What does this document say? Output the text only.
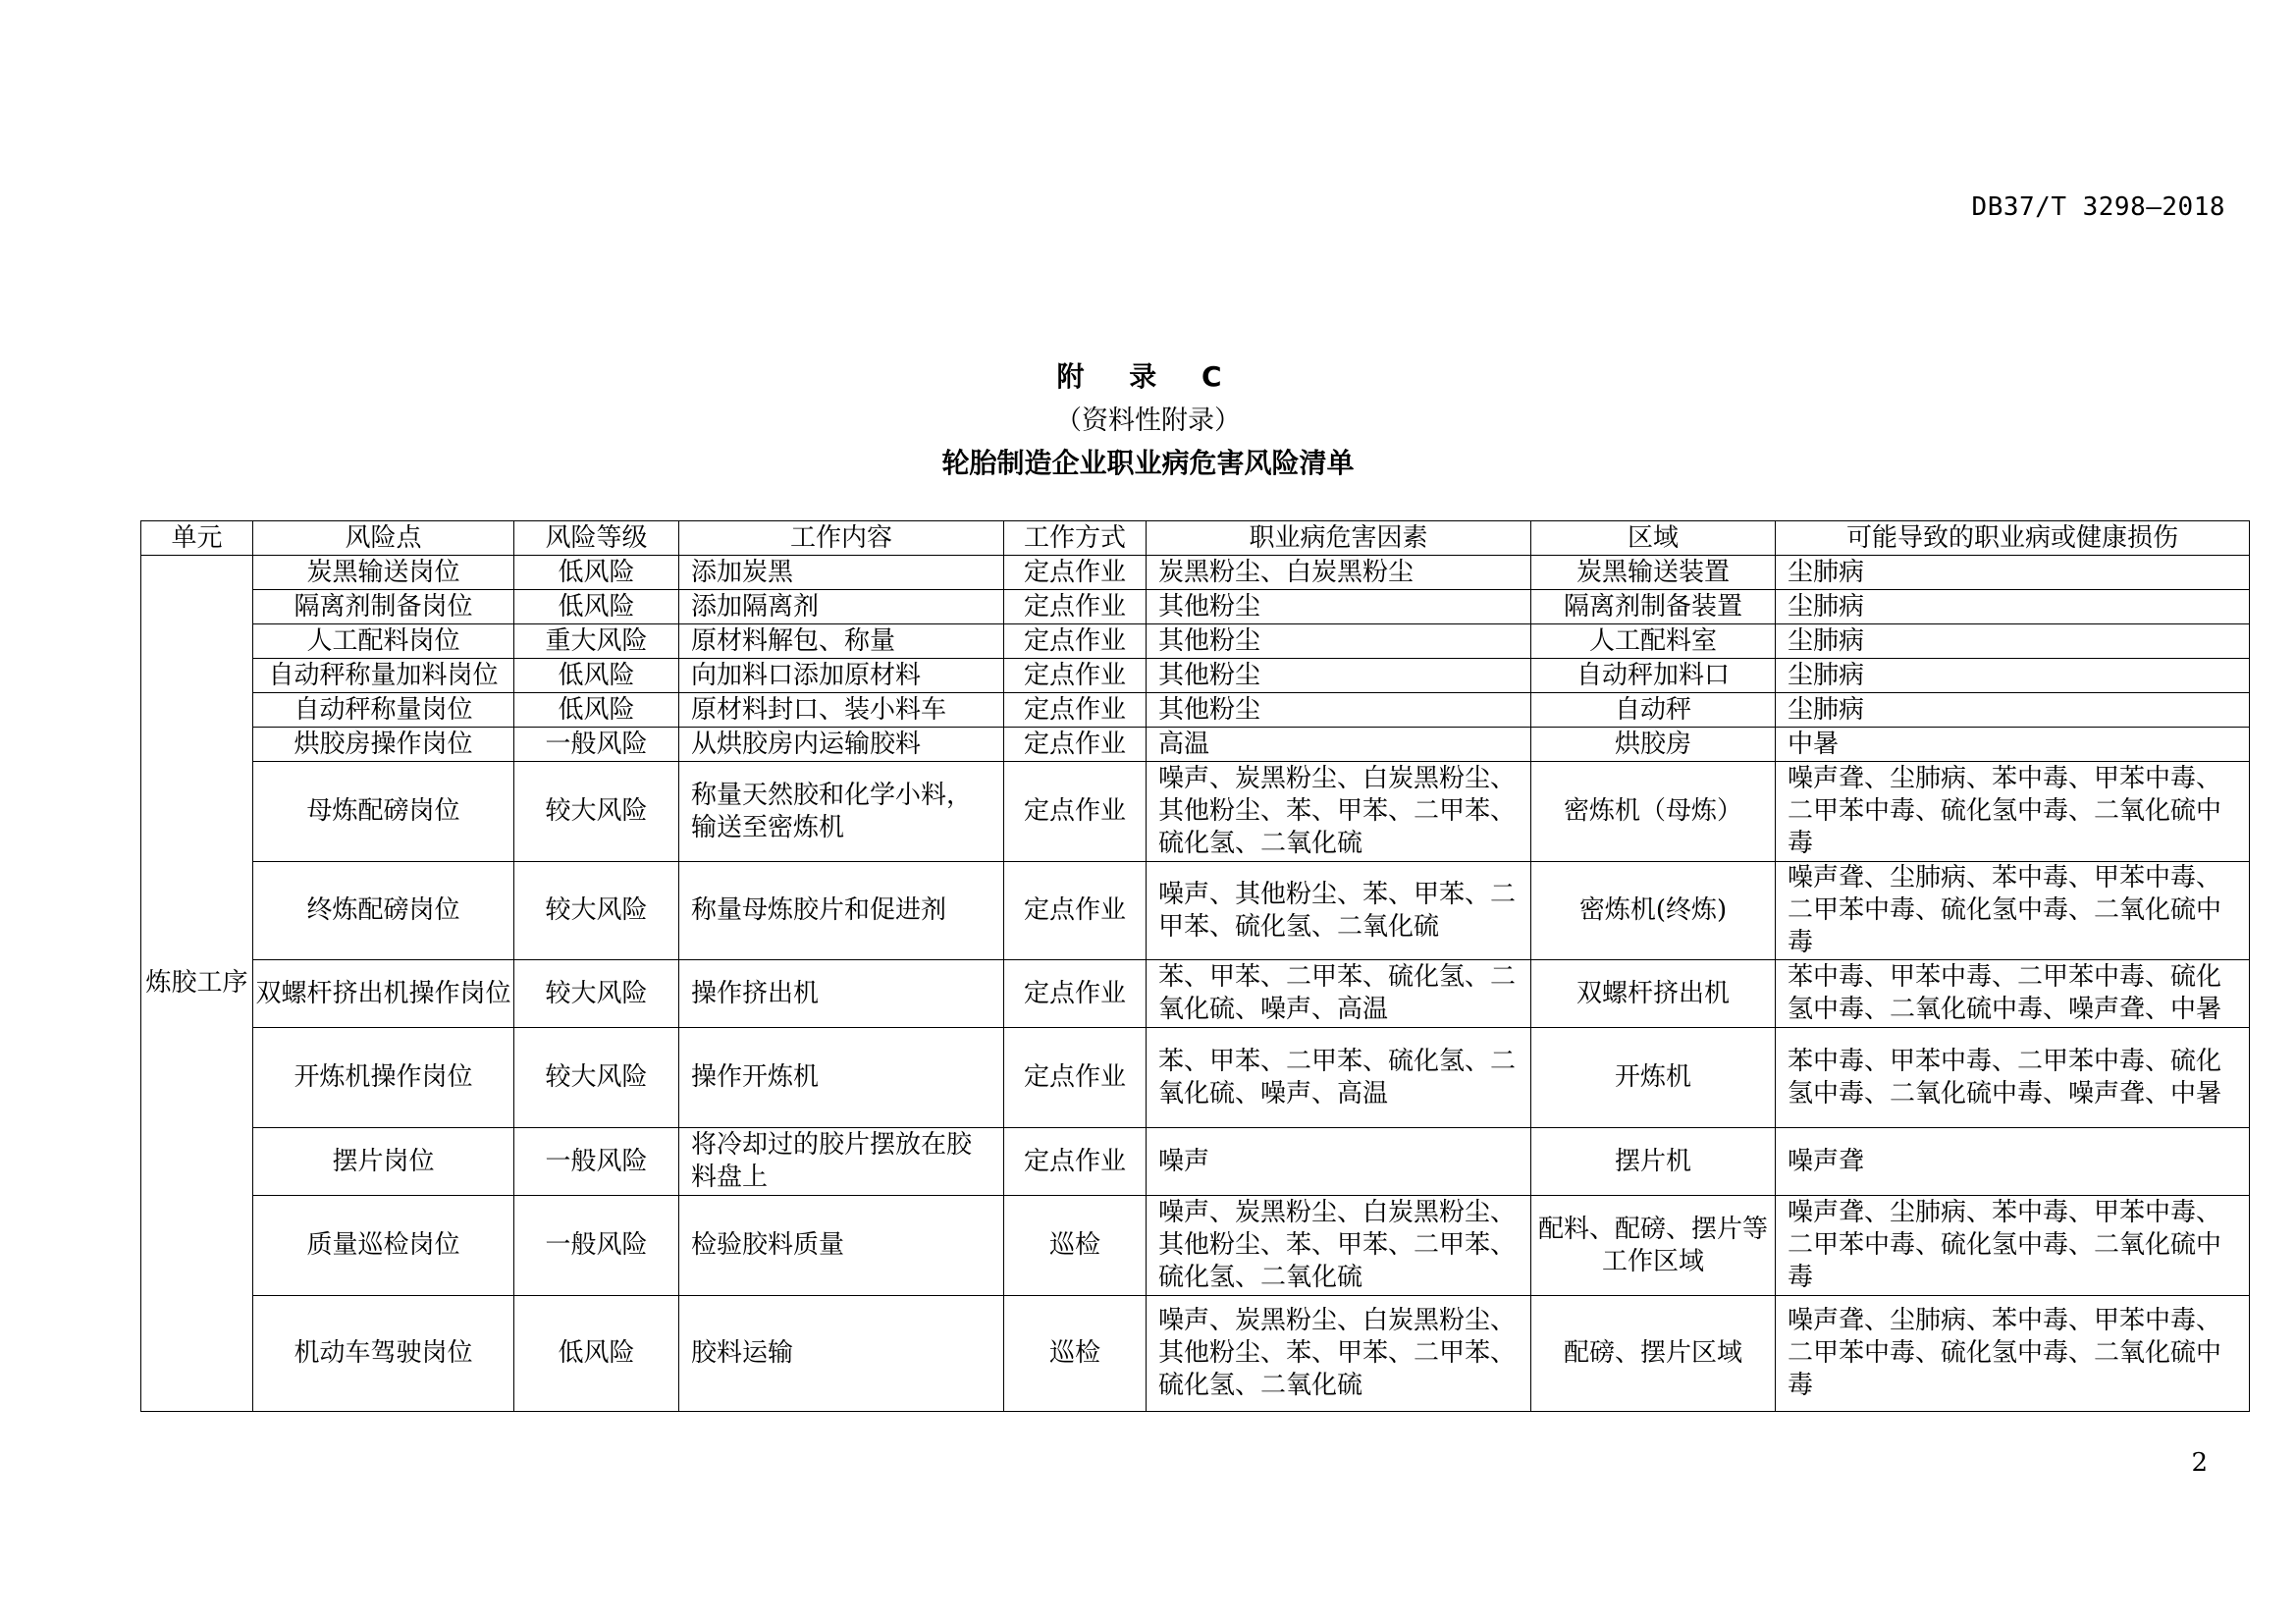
DB37/T 3298—2018
附 录 C
（资料性附录）
轮胎制造企业职业病危害风险清单
单元	风险点	风险等级	工作内容	工作方式	职业病危害因素	区域	可能导致的职业病或健康损伤
炼胶工序	炭黑输送岗位	低风险	添加炭黑	定点作业	炭黑粉尘、白炭黑粉尘	炭黑输送装置	尘肺病
	隔离剂制备岗位	低风险	添加隔离剂	定点作业	其他粉尘	隔离剂制备装置	尘肺病
	人工配料岗位	重大风险	原材料解包、称量	定点作业	其他粉尘	人工配料室	尘肺病
	自动秤称量加料岗位	低风险	向加料口添加原材料	定点作业	其他粉尘	自动秤加料口	尘肺病
	自动秤称量岗位	低风险	原材料封口、装小料车	定点作业	其他粉尘	自动秤	尘肺病
	烘胶房操作岗位	一般风险	从烘胶房内运输胶料	定点作业	高温	烘胶房	中暑
	母炼配磅岗位	较大风险	称量天然胶和化学小料，输送至密炼机	定点作业	噪声、炭黑粉尘、白炭黑粉尘、其他粉尘、苯、甲苯、二甲苯、硫化氢、二氧化硫	密炼机（母炼）	噪声聋、尘肺病、苯中毒、甲苯中毒、二甲苯中毒、硫化氢中毒、二氧化硫中毒
	终炼配磅岗位	较大风险	称量母炼胶片和促进剂	定点作业	噪声、其他粉尘、苯、甲苯、二甲苯、硫化氢、二氧化硫	密炼机(终炼)	噪声聋、尘肺病、苯中毒、甲苯中毒、二甲苯中毒、硫化氢中毒、二氧化硫中毒
	双螺杆挤出机操作岗位	较大风险	操作挤出机	定点作业	苯、甲苯、二甲苯、硫化氢、二氧化硫、噪声、高温	双螺杆挤出机	苯中毒、甲苯中毒、二甲苯中毒、硫化氢中毒、二氧化硫中毒、噪声聋、中暑
	开炼机操作岗位	较大风险	操作开炼机	定点作业	苯、甲苯、二甲苯、硫化氢、二氧化硫、噪声、高温	开炼机	苯中毒、甲苯中毒、二甲苯中毒、硫化氢中毒、二氧化硫中毒、噪声聋、中暑
	摆片岗位	一般风险	将冷却过的胶片摆放在胶料盘上	定点作业	噪声	摆片机	噪声聋
	质量巡检岗位	一般风险	检验胶料质量	巡检	噪声、炭黑粉尘、白炭黑粉尘、其他粉尘、苯、甲苯、二甲苯、硫化氢、二氧化硫	配料、配磅、摆片等工作区域	噪声聋、尘肺病、苯中毒、甲苯中毒、二甲苯中毒、硫化氢中毒、二氧化硫中毒
	机动车驾驶岗位	低风险	胶料运输	巡检	噪声、炭黑粉尘、白炭黑粉尘、其他粉尘、苯、甲苯、二甲苯、硫化氢、二氧化硫	配磅、摆片区域	噪声聋、尘肺病、苯中毒、甲苯中毒、二甲苯中毒、硫化氢中毒、二氧化硫中毒
2
